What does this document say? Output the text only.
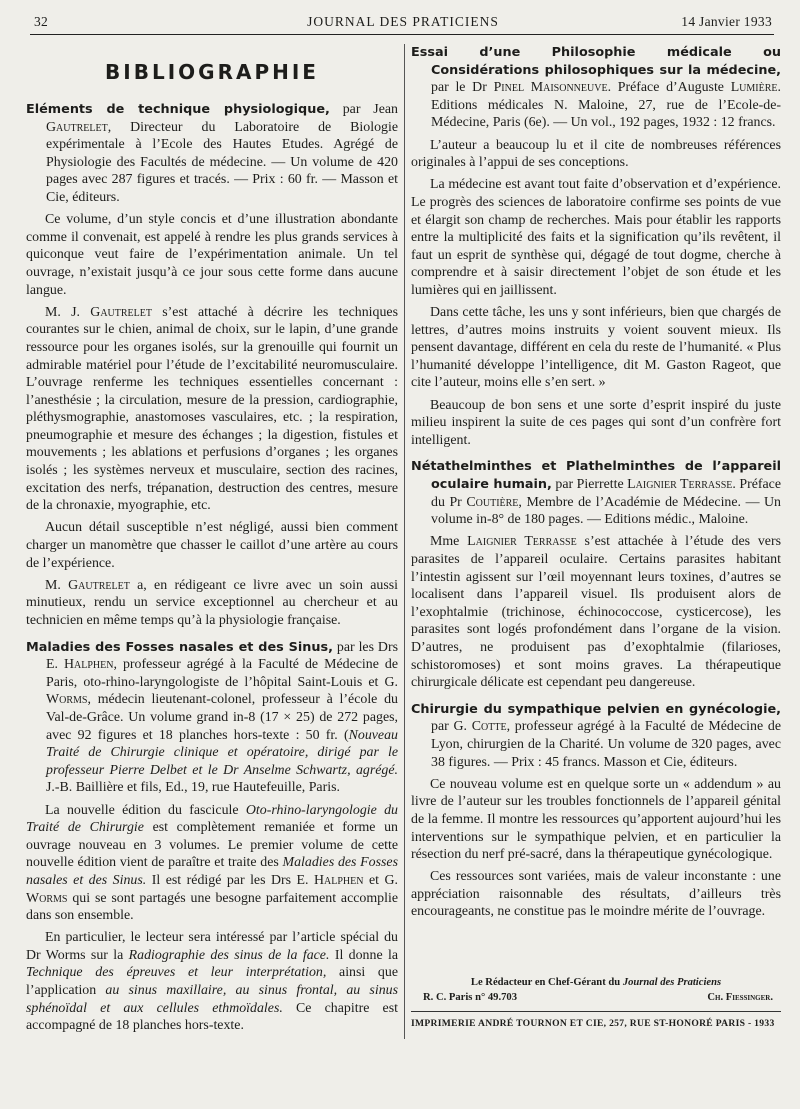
32	JOURNAL DES PRATICIENS	14 Janvier 1933
BIBLIOGRAPHIE

Eléments de technique physiologique, par Jean Gautrelet, Directeur du Laboratoire de Biologie expérimentale à l’Ecole des Hautes Etudes. Agrégé de Physiologie des Facultés de médecine. — Un volume de 420 pages avec 287 figures et tracés. — Prix : 60 fr. — Masson et Cie, éditeurs.

Ce volume, d’un style concis et d’une illustration abondante comme il convenait, est appelé à rendre les plus grands services à quiconque veut faire de l’expérimentation animale. Un tel ouvrage, n’existait jusqu’à ce jour sous cette forme dans aucune langue.

M. J. Gautrelet s’est attaché à décrire les techniques courantes sur le chien, animal de choix, sur le lapin, d’une grande ressource pour les organes isolés, sur la grenouille qui fournit un admirable matériel pour l’étude de l’excitabilité neuromusculaire. L’ouvrage renferme les techniques essentielles concernant : l’anesthésie ; la circulation, mesure de la pression, cardiographie, pléthysmographie, anastomoses vasculaires, etc. ; la respiration, pneumographie et mesure des échanges ; la digestion, fistules et mouvements ; les ablations et perfusions d’organes ; les organes isolés ; les systèmes nerveux et musculaire, section des racines, excitation des nerfs, trépanation, destruction des centres, mesure de la chronaxie, myographie, etc.

Aucun détail susceptible n’est négligé, aussi bien comment charger un manomètre que chasser le caillot d’une artère au cours de l’expérience.

M. Gautrelet a, en rédigeant ce livre avec un soin aussi minutieux, rendu un service exceptionnel au chercheur et au technicien en même temps qu’à la physiologie française.

Maladies des Fosses nasales et des Sinus, par les Drs E. Halphen, professeur agrégé à la Faculté de Médecine de Paris, oto-rhino-laryngologiste de l’hôpital Saint-Louis et G. Worms, médecin lieutenant-colonel, professeur à l’école du Val-de-Grâce. Un volume grand in-8 (17 × 25) de 272 pages, avec 92 figures et 18 planches hors-texte : 50 fr. (Nouveau Traité de Chirurgie clinique et opératoire, dirigé par le professeur Pierre Delbet et le Dr Anselme Schwartz, agrégé. J.-B. Baillière et fils, Ed., 19, rue Hautefeuille, Paris.

La nouvelle édition du fascicule Oto-rhino-laryngologie du Traité de Chirurgie est complètement remaniée et forme un ouvrage nouveau en 3 volumes. Le premier volume de cette nouvelle édition vient de paraître et traite des Maladies des Fosses nasales et des Sinus. Il est rédigé par les Drs E. Halphen et G. Worms qui se sont partagés une besogne parfaitement accomplie dans son ensemble.

En particulier, le lecteur sera intéressé par l’article spécial du Dr Worms sur la Radiographie des sinus de la face. Il donne la Technique des épreuves et leur interprétation, ainsi que l’application au sinus maxillaire, au sinus frontal, au sinus sphénoïdal et aux cellules ethmoïdales. Ce chapitre est accompagné de 18 planches hors-texte.

Essai d’une Philosophie médicale ou Considérations philosophiques sur la médecine, par le Dr Pinel Maisonneuve. Préface d’Auguste Lumière. Editions médicales N. Maloine, 27, rue de l’Ecole-de-Médecine, Paris (6e). — Un vol., 192 pages, 1932 : 12 francs.

L’auteur a beaucoup lu et il cite de nombreuses références originales à l’appui de ses conceptions.

La médecine est avant tout faite d’observation et d’expérience. Le progrès des sciences de laboratoire confirme ses points de vue et élargit son champ de recherches. Mais pour établir les rapports entre la multiplicité des faits et la signification qu’ils revêtent, il faut un esprit de synthèse qui, dégagé de tout dogme, cherche à comprendre et à saisir directement l’objet de son étude et les lumières qui en jaillissent.

Dans cette tâche, les uns y sont inférieurs, bien que chargés de lettres, d’autres moins instruits y voient souvent mieux. Ils pensent davantage, différent en cela du reste de l’humanité. « Plus l’humanité développe l’intelligence, dit M. Gaston Rageot, que cite l’auteur, moins elle s’en sert. »

Beaucoup de bon sens et une sorte d’esprit inspiré du juste milieu inspirent la suite de ces pages qui sont d’un confrère fort intelligent.

Nétathelminthes et Plathelminthes de l’appareil oculaire humain, par Pierrette Laignier Terrasse. Préface du Pr Coutière, Membre de l’Académie de Médecine. — Un volume in-8° de 180 pages. — Editions médic., Maloine.

Mme Laignier Terrasse s’est attachée à l’étude des vers parasites de l’appareil oculaire. Certains parasites habitant l’intestin agissent sur l’œil moyennant leurs toxines, d’autres se localisent dans l’appareil visuel. Ils produisent alors de l’exophtalmie (trichinose, échinococcose, cysticercose), les parasites sont logés profondément dans l’organe de la vision. D’autres, ne produisent pas d’exophtalmie (filarioses, schistoromoses) et sont moins graves. La thérapeutique chirurgicale délicate est cependant peu dangereuse.

Chirurgie du sympathique pelvien en gynécologie, par G. Cotte, professeur agrégé à la Faculté de Médecine de Lyon, chirurgien de la Charité. Un volume de 320 pages, avec 38 figures. — Prix : 45 francs. Masson et Cie, éditeurs.

Ce nouveau volume est en quelque sorte un « addendum » au livre de l’auteur sur les troubles fonctionnels de l’appareil génital de la femme. Il montre les ressources qu’apportent aujourd’hui les interventions sur le sympathique pelvien, et en particulier la résection du nerf pré-sacré, dans la thérapeutique gynécologique.

Ces ressources sont variées, mais de valeur inconstante : une appréciation raisonnable des résultats, d’ailleurs très encourageants, ne constitue pas le moindre mérite de l’ouvrage.

Le Rédacteur en Chef-Gérant du Journal des Praticiens
R. C. Paris n° 49.703	Ch. Fiessinger.
IMPRIMERIE ANDRÉ TOURNON ET CIE, 257, RUE ST-HONORÉ PARIS - 1933
